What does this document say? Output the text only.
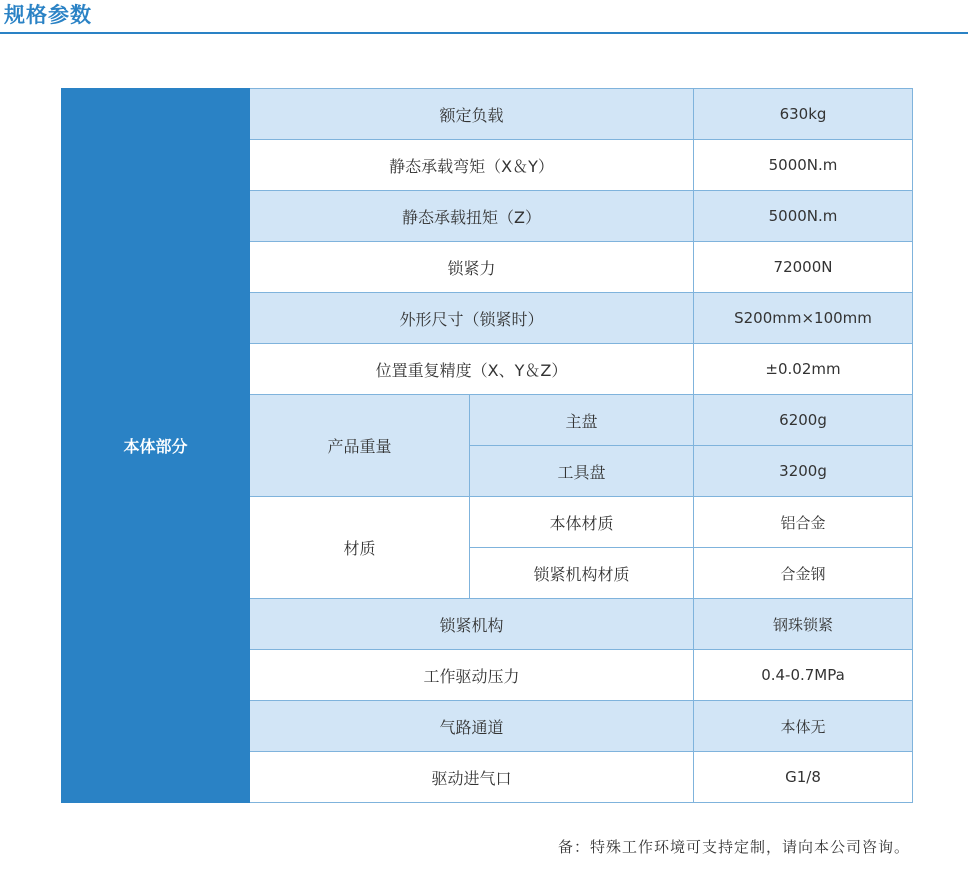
规格参数
本体部分	额定负载		630kg
	静态承载弯矩（X＆Y）		5000N.m
	静态承载扭矩（Z）		5000N.m
	锁紧力		72000N
	外形尺寸（锁紧时）		S200mm×100mm
	位置重复精度（X、Y＆Z）		±0.02mm
	产品重量	主盘	6200g
		工具盘	3200g
	材质	本体材质	铝合金
		锁紧机构材质	合金钢
	锁紧机构		钢珠锁紧
	工作驱动压力		0.4-0.7MPa
	气路通道		本体无
	驱动进气口		G1/8
备：特殊工作环境可支持定制，请向本公司咨询。
